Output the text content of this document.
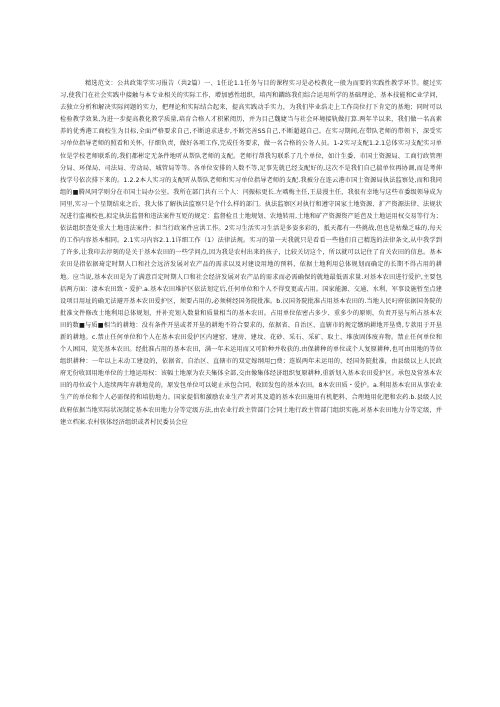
精选范文：公共政策学实习报告（共2篇）一、1任论1.1任务与目的课程实习是必校教化一般为而要的实践性教学环节。艇过实习,使我门在社会实践中接触与本专业相关的实际工作，增加感性组织，培丙和鐗练我们综合运用所学的基础理论、基本技能和C业学问，去独立分析和解决实际问题的实力，把理论和实际结合起来，提高实践动手实力，为我们毕业浩走上工作岗位打下肯定的基地；同时可以检验教学效果,为进一步提高教化教学质量,培育合格人才积累阅历，并为目己魏婕当与社会环境接轨做打算.两年半以来，我们做一名高素养的优秀港工商校生为目标,全面严格要求自己,不断迫求进步,不断完善SS自己,不断超越自己。在实习期间,在带队老师的带领下，深受实习单位指导老师的照看和关怀，仔细负责，做好各项工作,完成任务要求，做一名合格的公务人员。1-2实习支配1.2.1总体实习支配实习单位是学校老师联系的,我们都彬定无条件地听从帮队老师的支配。老师行帮我勾联系了几个单位，如计生委、市国土资源局、工商行政管理分局、环保局、司法局、劳动局、城管局等等。各单位安排的人数不等,足事先就已经支配好的,这次不是我们自己揣单位再协调,而是考伸找学号依次排下来的。1.2.2本人实习的支配听从帮队老师和实习单位指导老师的支配.我被分在连云港市国土资源局执法监察处,而和我同组的■腾风同学则分在市国土局办公室。我所在部门共有三个人：闫振标更长.左啮梅主任,王晨漫主任，我很有幸地与这些市委级领导成为同里,实习一个星期结束之后，我大体了解执法监察只是个什么样的部门。执法监察区对执行和遵守国家土地资源、扩产资源法律、法规状况进行监褐校也,拟定执法监督和违法案件互贬的规定：监督检且土地规划、农地转用,土地和矿产资源资产延芭及土地运用权交易等行为；依法组织查处重大土地违法案件；担当行政案件应洪工作。2实习生活实习生活是多姿多彩的，抵天都有一些挑战,但也是枯燥乏味的,每天的工作内容基本相同。2.1实习内容2.1.1详细工作（1）法律法规。实习的第一天我就只是看看一些他们自己精选的法律条文,从中我学到了许多,让我印去淳刻的是关于基本农田的一些学问点,因为我是农村出来的孩子，比较关切这个，所以就可以记住了育关农田的信息。基本农田是指依据琦定时期人口和社会远济发展对农产品的需求以及对建设用地的预料，依据土地利用总体规划而确定的长期不得占用的耕地。应当说,基本农田是为了满意百定时期人口和社会经济发展对农产品的需求而必需确保的就地最低需求量.对基本农田进行爱护,主要包括两方面：凄本农田致・爱护.a.基本农田堆护区依法划定后,任何单位和个人不得变更或占用。国家能源、交通、水利、军事设施暂至点建设项目用址的确无法避开基本农田爱护区，须要占用的,必须树经国务院批准。b.汉国务院批准占用基本农田的.当地人民叼府依据国务院的批准文件修改土地利用总体规划，并补充划入数量和质量相当的基本农田。占用单位依密占多少、重多少的原则，负责开垦与所占基本农田的数■与质■相当的耕地：没有条件开垦或者开垦的耕地不符合要求的，依据省、自治区、直辖市的规定缴纳耕地开垦费,专款用于开垦新的耕地。c.禁止任何单位和个人在基本农田爱护区内建窑、建房、建坟、花砂、采石、采矿、取土、堆放固体废弃物。禁止任何单位和个人困国、荒芜基本农田。经批准占用的基本农田，满一年未运用而又可阶种并收获的.由保耕种的单位或个人复原耕种,也可由用地的等位组织耕种：一年以上未动工建设的，依据省、自治区、直辖市的双定嫁纲用□费；连娱两年未运用的，经国务院批准，由县级以上人民政府无份收回用地单位的土地运用权：该幅土地原为农夫集体全部,交由像集体经济组织复原耕种,重新划入基本农田爱护区。承包及营基本农田的母位或个人连续两年弃耕地荒的，原发包单位可以姥止承包合同，收回发包的基本农田。8本农田质・爱护。a.利用基本农田从事农业生产的单位和个人必需保持和培肋地力。国家提倡和激励农业生产者对其及道的基本农田施用有机肥料，合理地用化肥和农药.b.县级人民政府依据当地实际状况制定基本农田地力分等定级方法,由农业行政主管部门会同土地行政主管部门组织实施,对基本农田地力分等定级，并建立档案.农村筷体经济组织或者村民委员会应
